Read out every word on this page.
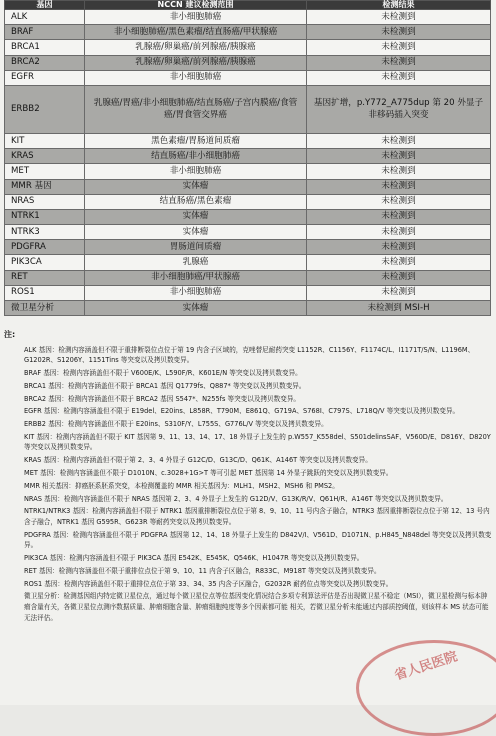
基因	NCCN 建议检测范围	检测结果
ALK	非小细胞肺癌	未检测到
BRAF	非小细胞肺癌/黑色素瘤/结直肠癌/甲状腺癌	未检测到
BRCA1	乳腺癌/卵巢癌/前列腺癌/胰腺癌	未检测到
BRCA2	乳腺癌/卵巢癌/前列腺癌/胰腺癌	未检测到
EGFR	非小细胞肺癌	未检测到
ERBB2	乳腺癌/胃癌/非小细胞肺癌/结直肠癌/子宫内膜癌/食管癌/胃食管交界癌	基因扩增，p.Y772_A775dup 第 20 外显子非移码插入突变
KIT	黑色素瘤/胃肠道间质瘤	未检测到
KRAS	结直肠癌/非小细胞肺癌	未检测到
MET	非小细胞肺癌	未检测到
MMR 基因	实体瘤	未检测到
NRAS	结直肠癌/黑色素瘤	未检测到
NTRK1	实体瘤	未检测到
NTRK3	实体瘤	未检测到
PDGFRA	胃肠道间质瘤	未检测到
PIK3CA	乳腺癌	未检测到
RET	非小细胞肺癌/甲状腺癌	未检测到
ROS1	非小细胞肺癌	未检测到
微卫星分析	实体瘤	未检测到 MSI-H

注:

ALK 基因：检测内容涵盖但不限于重排断裂位点位于第 19 内含子区域的，克唑替尼耐药突变 L1152R、C1156Y、F1174C/L、I1171T/S/N、L1196M、G1202R、S1206Y、1151Tins 等突变以及拷贝数变异。

BRAF 基因：检测内容涵盖但不限于 V600E/K、L590F/R、K601E/N 等突变以及拷贝数变异。

BRCA1 基因：检测内容涵盖但不限于 BRCA1 基因 Q1779fs、Q887* 等突变以及拷贝数变异。

BRCA2 基因：检测内容涵盖但不限于 BRCA2 基因 S547*、N255fs 等突变以及拷贝数变异。

EGFR 基因：检测内容涵盖但不限于 E19del、E20ins、L858R、T790M、E861Q、G719A、S768I、C797S、L718Q/V 等突变以及拷贝数变异。

ERBB2 基因：检测内容涵盖但不限于 E20ins、S310F/Y、L755S、G776L/V 等突变以及拷贝数变异。

KIT 基因：检测内容涵盖但不限于 KIT 基因第 9、11、13、14、17、18 外显子上发生的 p.W557_K558del、S501delinsSAF、V560D/E、D816Y、D820Y 等突变以及拷贝数变异。

KRAS 基因：检测内容涵盖但不限于第 2、3、4 外显子 G12C/D、G13C/D、Q61K、A146T 等突变以及拷贝数变异。

MET 基因：检测内容涵盖但不限于 D1010N、c.3028+1G>T 等可引起 MET 基因第 14 外显子跳跃的突变以及拷贝数变异。

MMR 相关基因：抑癌胚系胚系突变，本检测覆盖的 MMR 相关基因为：MLH1、MSH2、MSH6 和 PMS2。

NRAS 基因：检测内容涵盖但不限于 NRAS 基因第 2、3、4 外显子上发生的 G12D/V、G13K/R/V、Q61H/R、A146T 等突变以及拷贝数变异。

NTRK1/NTRK3 基因：检测内容涵盖但不限于 NTRK1 基因重排断裂位点位于第 8、9、10、11 号内含子融合，NTRK3 基因重排断裂位点位于第 12、13 号内含子融合，NTRK1 基因 G595R、G623R 等耐药突变以及拷贝数变异。

PDGFRA 基因：检测内容涵盖但不限于 PDGFRA 基因第 12、14、18 外显子上发生的 D842V/I、V561D、D1071N、p.H845_N848del 等突变以及拷贝数变异。

PIK3CA 基因：检测内容涵盖但不限于 PIK3CA 基因 E542K、E545K、Q546K、H1047R 等突变以及拷贝数变异。

RET 基因：检测内容涵盖但不限于重排位点位于第 9、10、11 内含子区融合，R833C、M918T 等突变以及拷贝数变异。

ROS1 基因：检测内容涵盖但不限于重排位点位于第 33、34、35 内含子区融合，G2032R 耐药位点等突变以及拷贝数变异。

微卫星分析：检测基因组内特定微卫星位点，通过每个微卫星位点等位基因变化情况结合多项专利算法评估是否出现微卫星不稳定（MSI），微卫星检测与标本肿瘤含量有关，各微卫星位点测序数据质量、肿瘤细胞含量、肿瘤细胞纯度等多个因素都可能 相关，若微卫星分析未能通过内部质控阈值，则该样本 MS 状态可能无法评估。

省人民医院
